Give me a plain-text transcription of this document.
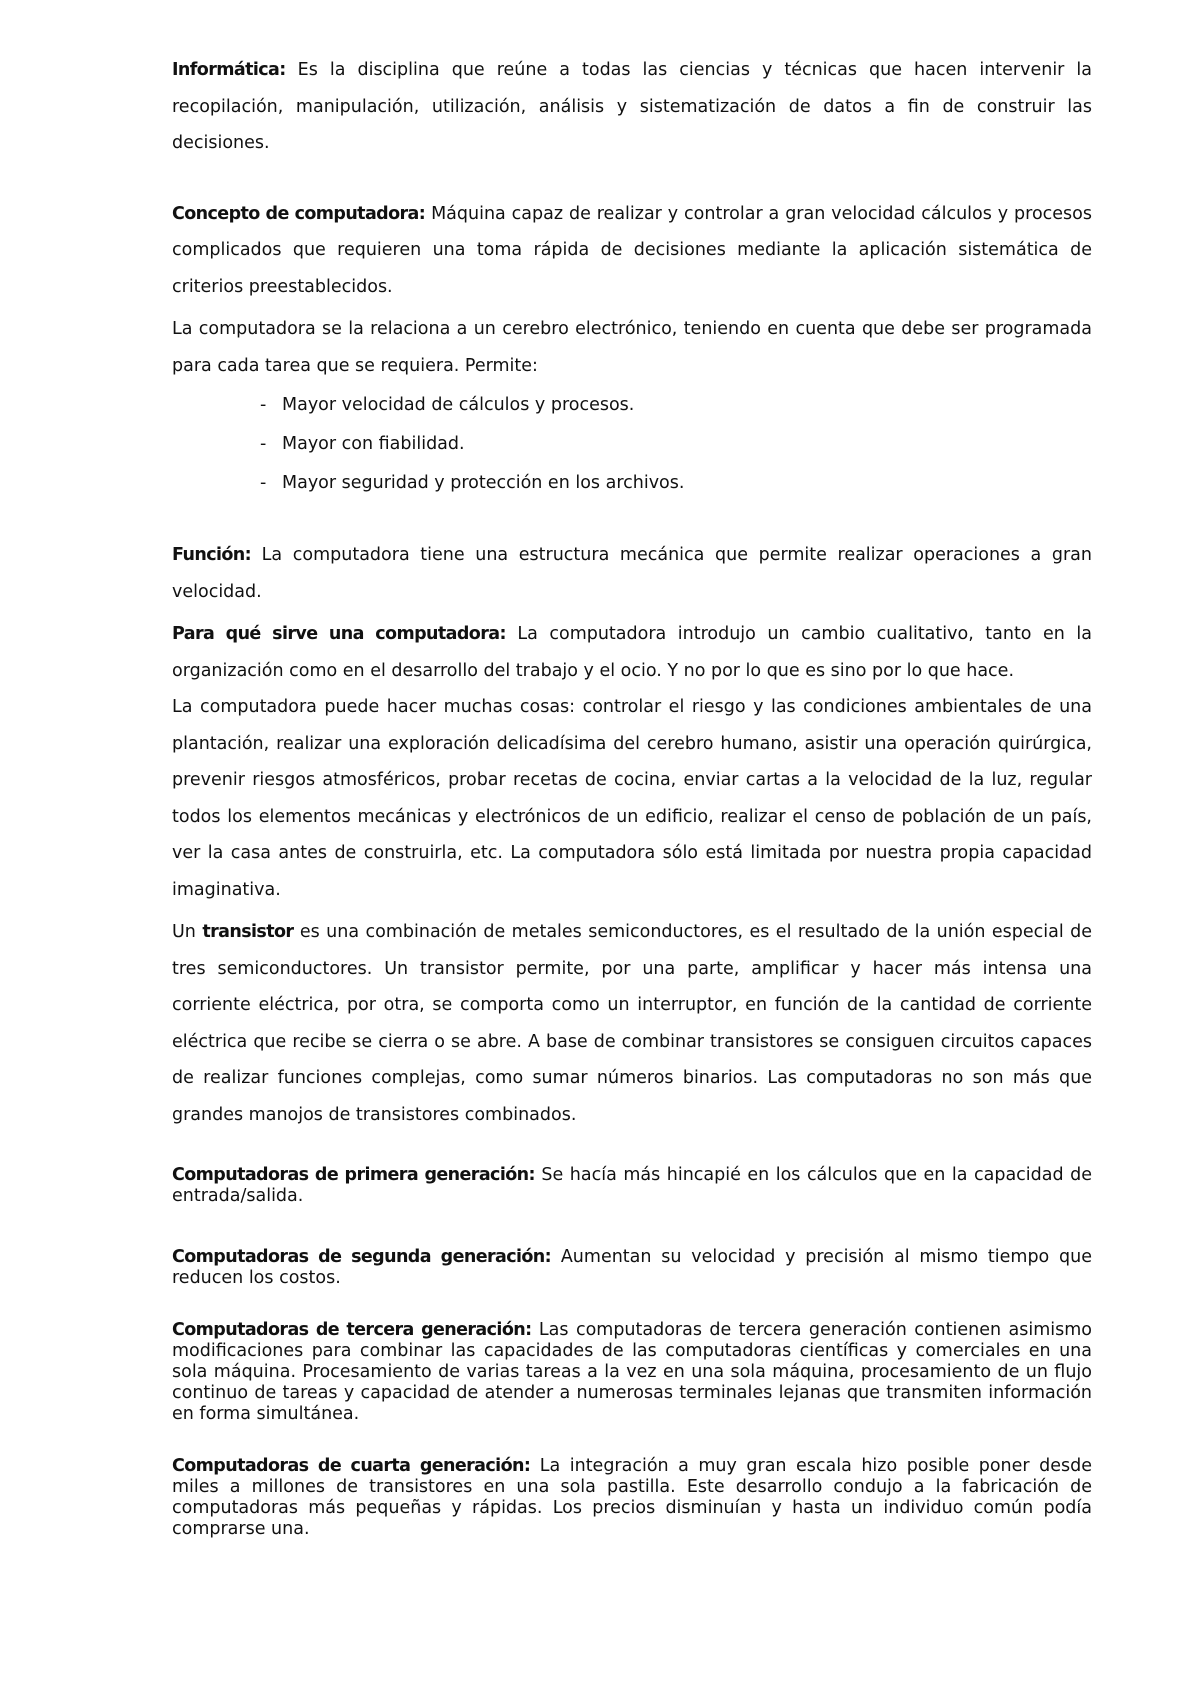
Informática: Es la disciplina que reúne a todas las ciencias y técnicas que hacen intervenir la recopilación, manipulación, utilización, análisis y sistematización de datos a fin de construir las decisiones.

Concepto de computadora: Máquina capaz de realizar y controlar a gran velocidad cálculos y procesos complicados que requieren una toma rápida de decisiones mediante la aplicación sistemática de criterios preestablecidos.

La computadora se la relaciona a un cerebro electrónico, teniendo en cuenta que debe ser programada para cada tarea que se requiera. Permite:

- Mayor velocidad de cálculos y procesos.
- Mayor con fiabilidad.
- Mayor seguridad y protección en los archivos.

Función: La computadora tiene una estructura mecánica que permite realizar operaciones a gran velocidad.

Para qué sirve una computadora: La computadora introdujo un cambio cualitativo, tanto en la organización como en el desarrollo del trabajo y el ocio. Y no por lo que es sino por lo que hace.

La computadora puede hacer muchas cosas: controlar el riesgo y las condiciones ambientales de una plantación, realizar una exploración delicadísima del cerebro humano, asistir una operación quirúrgica, prevenir riesgos atmosféricos, probar recetas de cocina, enviar cartas a la velocidad de la luz, regular todos los elementos mecánicas y electrónicos de un edificio, realizar el censo de población de un país, ver la casa antes de construirla, etc. La computadora sólo está limitada por nuestra propia capacidad imaginativa.

Un transistor es una combinación de metales semiconductores, es el resultado de la unión especial de tres semiconductores. Un transistor permite, por una parte, amplificar y hacer más intensa una corriente eléctrica, por otra, se comporta como un interruptor, en función de la cantidad de corriente eléctrica que recibe se cierra o se abre. A base de combinar transistores se consiguen circuitos capaces de realizar funciones complejas, como sumar números binarios. Las computadoras no son más que grandes manojos de transistores combinados.

Computadoras de primera generación: Se hacía más hincapié en los cálculos que en la capacidad de entrada/salida.

Computadoras de segunda generación: Aumentan su velocidad y precisión al mismo tiempo que reducen los costos.

Computadoras de tercera generación: Las computadoras de tercera generación contienen asimismo modificaciones para combinar las capacidades de las computadoras científicas y comerciales en una sola máquina. Procesamiento de varias tareas a la vez en una sola máquina, procesamiento de un flujo continuo de tareas y capacidad de atender a numerosas terminales lejanas que transmiten información en forma simultánea.

Computadoras de cuarta generación: La integración a muy gran escala hizo posible poner desde miles a millones de transistores en una sola pastilla. Este desarrollo condujo a la fabricación de computadoras más pequeñas y rápidas. Los precios disminuían y hasta un individuo común podía comprarse una.
